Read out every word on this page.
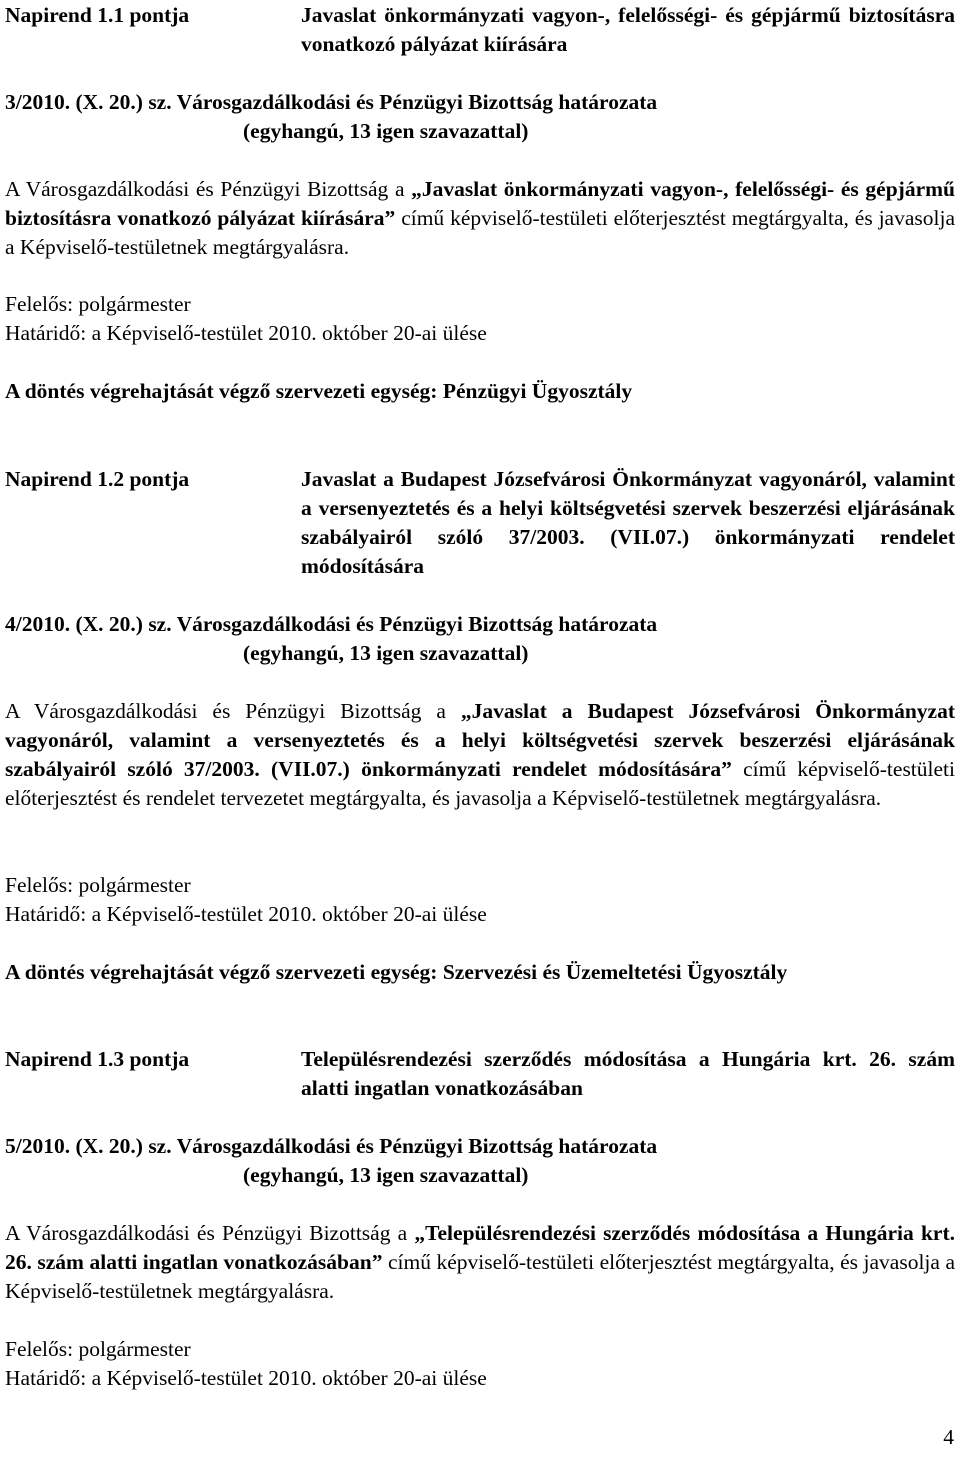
Napirend 1.1 pontja	Javaslat önkormányzati vagyon-, felelősségi- és gépjármű biztosításra vonatkozó pályázat kiírására
3/2010. (X. 20.) sz. Városgazdálkodási és Pénzügyi Bizottság határozata
(egyhangú, 13 igen szavazattal)
A Városgazdálkodási és Pénzügyi Bizottság a „Javaslat önkormányzati vagyon-, felelősségi- és gépjármű biztosításra vonatkozó pályázat kiírására” című képviselő-testületi előterjesztést megtárgyalta, és javasolja a Képviselő-testületnek megtárgyalásra.
Felelős: polgármester
Határidő: a Képviselő-testület 2010. október 20-ai ülése
A döntés végrehajtását végző szervezeti egység: Pénzügyi Ügyosztály
Napirend 1.2 pontja	Javaslat a Budapest Józsefvárosi Önkormányzat vagyonáról, valamint a versenyeztetés és a helyi költségvetési szervek beszerzési eljárásának szabályairól szóló 37/2003. (VII.07.) önkormányzati rendelet módosítására
4/2010. (X. 20.) sz. Városgazdálkodási és Pénzügyi Bizottság határozata
(egyhangú, 13 igen szavazattal)
A Városgazdálkodási és Pénzügyi Bizottság a „Javaslat a Budapest Józsefvárosi Önkormányzat vagyonáról, valamint a versenyeztetés és a helyi költségvetési szervek beszerzési eljárásának szabályairól szóló 37/2003. (VII.07.) önkormányzati rendelet módosítására” című képviselő-testületi előterjesztést és rendelet tervezetet megtárgyalta, és javasolja a Képviselő-testületnek megtárgyalásra.
Felelős: polgármester
Határidő: a Képviselő-testület 2010. október 20-ai ülése
A döntés végrehajtását végző szervezeti egység: Szervezési és Üzemeltetési Ügyosztály
Napirend 1.3 pontja	Településrendezési szerződés módosítása a Hungária krt. 26. szám alatti ingatlan vonatkozásában
5/2010. (X. 20.) sz. Városgazdálkodási és Pénzügyi Bizottság határozata
(egyhangú, 13 igen szavazattal)
A Városgazdálkodási és Pénzügyi Bizottság a „Településrendezési szerződés módosítása a Hungária krt. 26. szám alatti ingatlan vonatkozásában” című képviselő-testületi előterjesztést megtárgyalta, és javasolja a Képviselő-testületnek megtárgyalásra.
Felelős: polgármester
Határidő: a Képviselő-testület 2010. október 20-ai ülése
4
